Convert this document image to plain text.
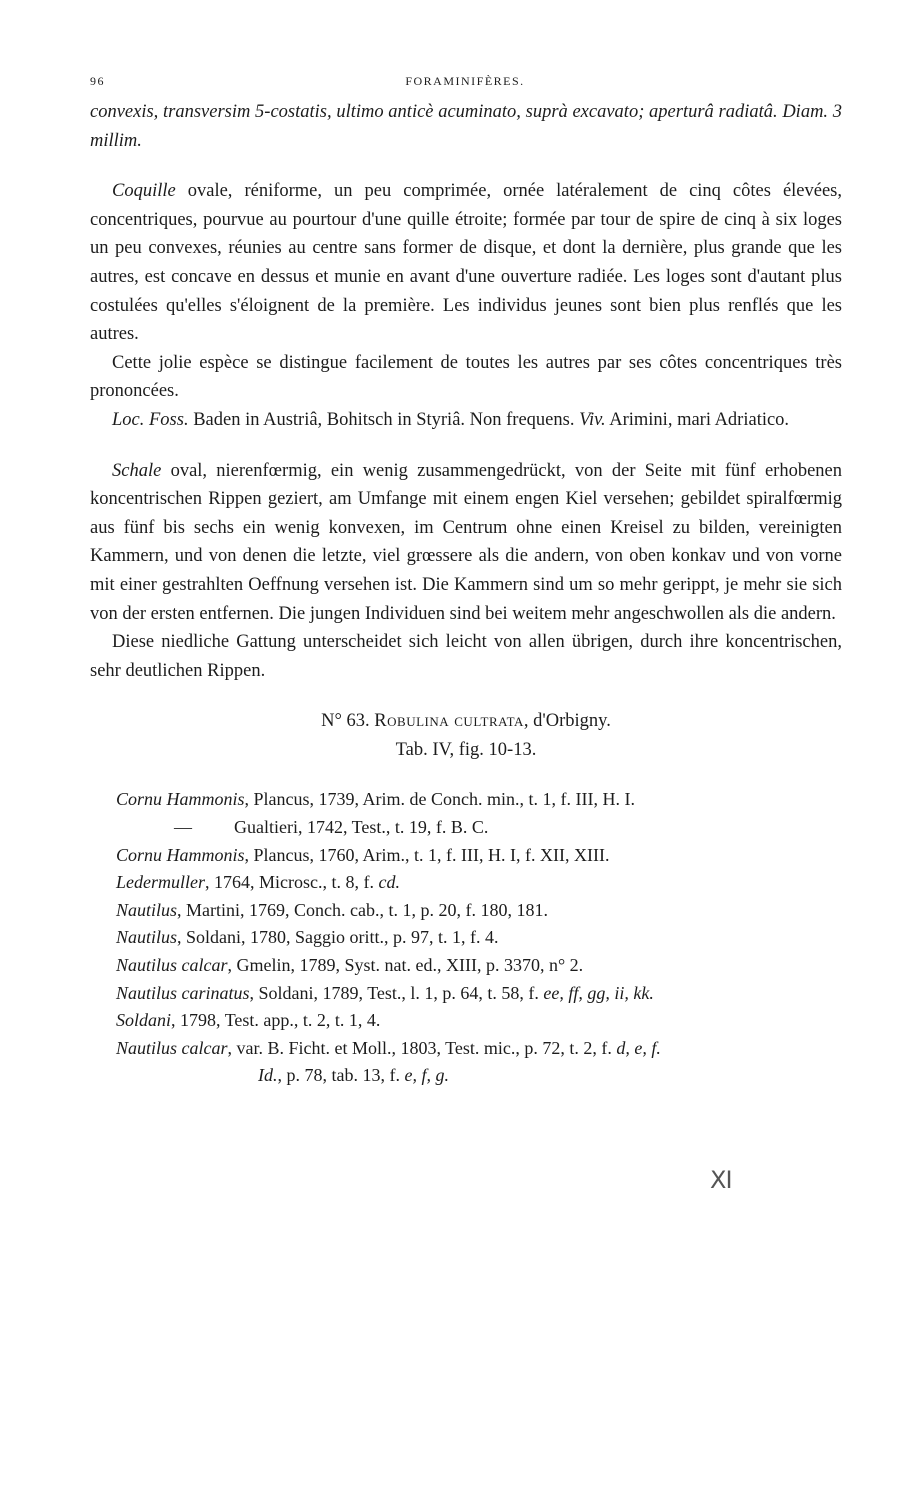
96	FORAMINIFÈRES.

convexis, transversim 5-costatis, ultimo anticè acuminato, suprà excavato; aperturâ radiatâ. Diam. 3 millim.

Coquille ovale, réniforme, un peu comprimée, ornée latéralement de cinq côtes élevées, concentriques, pourvue au pourtour d'une quille étroite; formée par tour de spire de cinq à six loges un peu convexes, réunies au centre sans former de disque, et dont la dernière, plus grande que les autres, est concave en dessus et munie en avant d'une ouverture radiée. Les loges sont d'autant plus costulées qu'elles s'éloignent de la première. Les individus jeunes sont bien plus renflés que les autres.

Cette jolie espèce se distingue facilement de toutes les autres par ses côtes concentriques très prononcées.

Loc. Foss. Baden in Austriâ, Bohitsch in Styriâ. Non frequens. Viv. Arimini, mari Adriatico.

Schale oval, nierenfœrmig, ein wenig zusammengedrückt, von der Seite mit fünf erhobenen koncentrischen Rippen geziert, am Umfange mit einem engen Kiel versehen; gebildet spiralfœrmig aus fünf bis sechs ein wenig konvexen, im Centrum ohne einen Kreisel zu bilden, vereinigten Kammern, und von denen die letzte, viel grœssere als die andern, von oben konkav und von vorne mit einer gestrahlten Oeffnung versehen ist. Die Kammern sind um so mehr gerippt, je mehr sie sich von der ersten entfernen. Die jungen Individuen sind bei weitem mehr angeschwollen als die andern.

Diese niedliche Gattung unterscheidet sich leicht von allen übrigen, durch ihre koncentrischen, sehr deutlichen Rippen.

N° 63. Robulina cultrata, d'Orbigny.

Tab. IV, fig. 10-13.

Cornu Hammonis, Plancus, 1739, Arim. de Conch. min., t. 1, f. III, H. I.
— Gualtieri, 1742, Test., t. 19, f. B. C.
Cornu Hammonis, Plancus, 1760, Arim., t. 1, f. III, H. I, f. XII, XIII.
Ledermuller, 1764, Microsc., t. 8, f. cd.
Nautilus, Martini, 1769, Conch. cab., t. 1, p. 20, f. 180, 181.
Nautilus, Soldani, 1780, Saggio oritt., p. 97, t. 1, f. 4.
Nautilus calcar, Gmelin, 1789, Syst. nat. ed., XIII, p. 3370, n° 2.
Nautilus carinatus, Soldani, 1789, Test., l. 1, p. 64, t. 58, f. ee, ff, gg, ii, kk.
Soldani, 1798, Test. app., t. 2, t. 1, 4.
Nautilus calcar, var. B. Ficht. et Moll., 1803, Test. mic., p. 72, t. 2, f. d, e, f.
Id., p. 78, tab. 13, f. e, f, g.
XI
